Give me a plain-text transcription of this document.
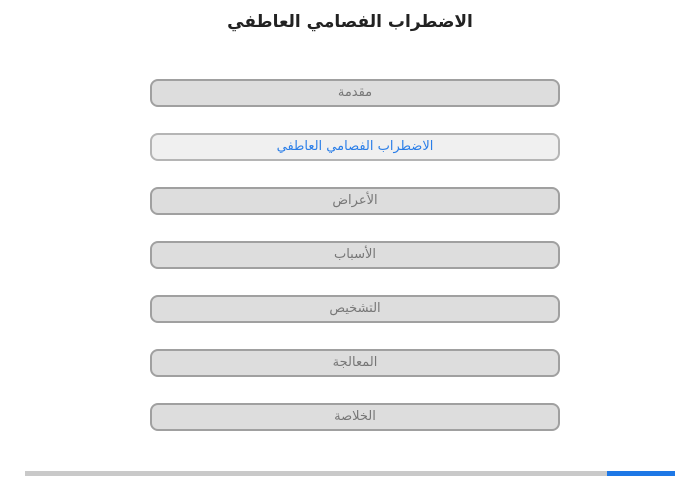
الاضطراب الفصامي العاطفي
مقدمة
الاضطراب الفصامي العاطفي
الأعراض
الأسباب
التشخيص
المعالجة
الخلاصة
